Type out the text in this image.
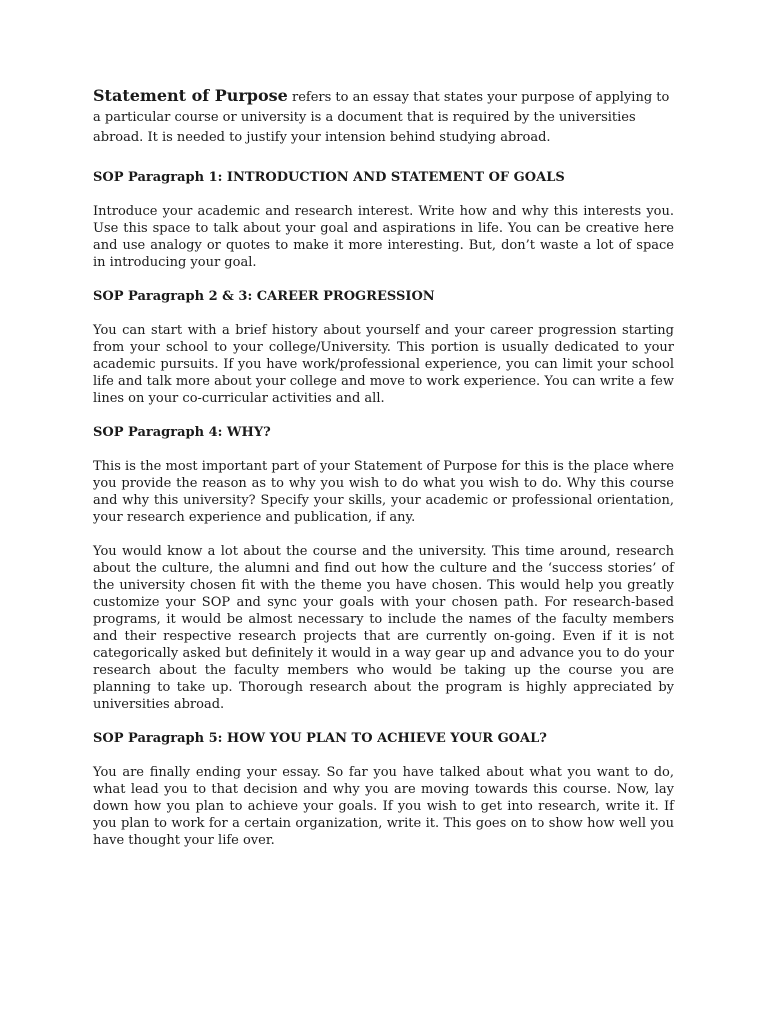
Statement of Purpose refers to an essay that states your purpose of applying to a particular course or university is a document that is required by the universities abroad. It is needed to justify your intension behind studying abroad.

SOP Paragraph 1: INTRODUCTION AND STATEMENT OF GOALS

Introduce your academic and research interest. Write how and why this interests you. Use this space to talk about your goal and aspirations in life. You can be creative here and use analogy or quotes to make it more interesting. But, don’t waste a lot of space in introducing your goal.

SOP Paragraph 2 & 3: CAREER PROGRESSION

You can start with a brief history about yourself and your career progression starting from your school to your college/University. This portion is usually dedicated to your academic pursuits. If you have work/professional experience, you can limit your school life and talk more about your college and move to work experience. You can write a few lines on your co-curricular activities and all.

SOP Paragraph 4: WHY?

This is the most important part of your Statement of Purpose for this is the place where you provide the reason as to why you wish to do what you wish to do. Why this course and why this university? Specify your skills, your academic or professional orientation, your research experience and publication, if any.

You would know a lot about the course and the university. This time around, research about the culture, the alumni and find out how the culture and the ‘success stories’ of the university chosen fit with the theme you have chosen. This would help you greatly customize your SOP and sync your goals with your chosen path. For research-based programs, it would be almost necessary to include the names of the faculty members and their respective research projects that are currently on-going. Even if it is not categorically asked but definitely it would in a way gear up and advance you to do your research about the faculty members who would be taking up the course you are planning to take up. Thorough research about the program is highly appreciated by universities abroad.

SOP Paragraph 5: HOW YOU PLAN TO ACHIEVE YOUR GOAL?

You are finally ending your essay. So far you have talked about what you want to do, what lead you to that decision and why you are moving towards this course. Now, lay down how you plan to achieve your goals. If you wish to get into research, write it. If you plan to work for a certain organization, write it. This goes on to show how well you have thought your life over.
